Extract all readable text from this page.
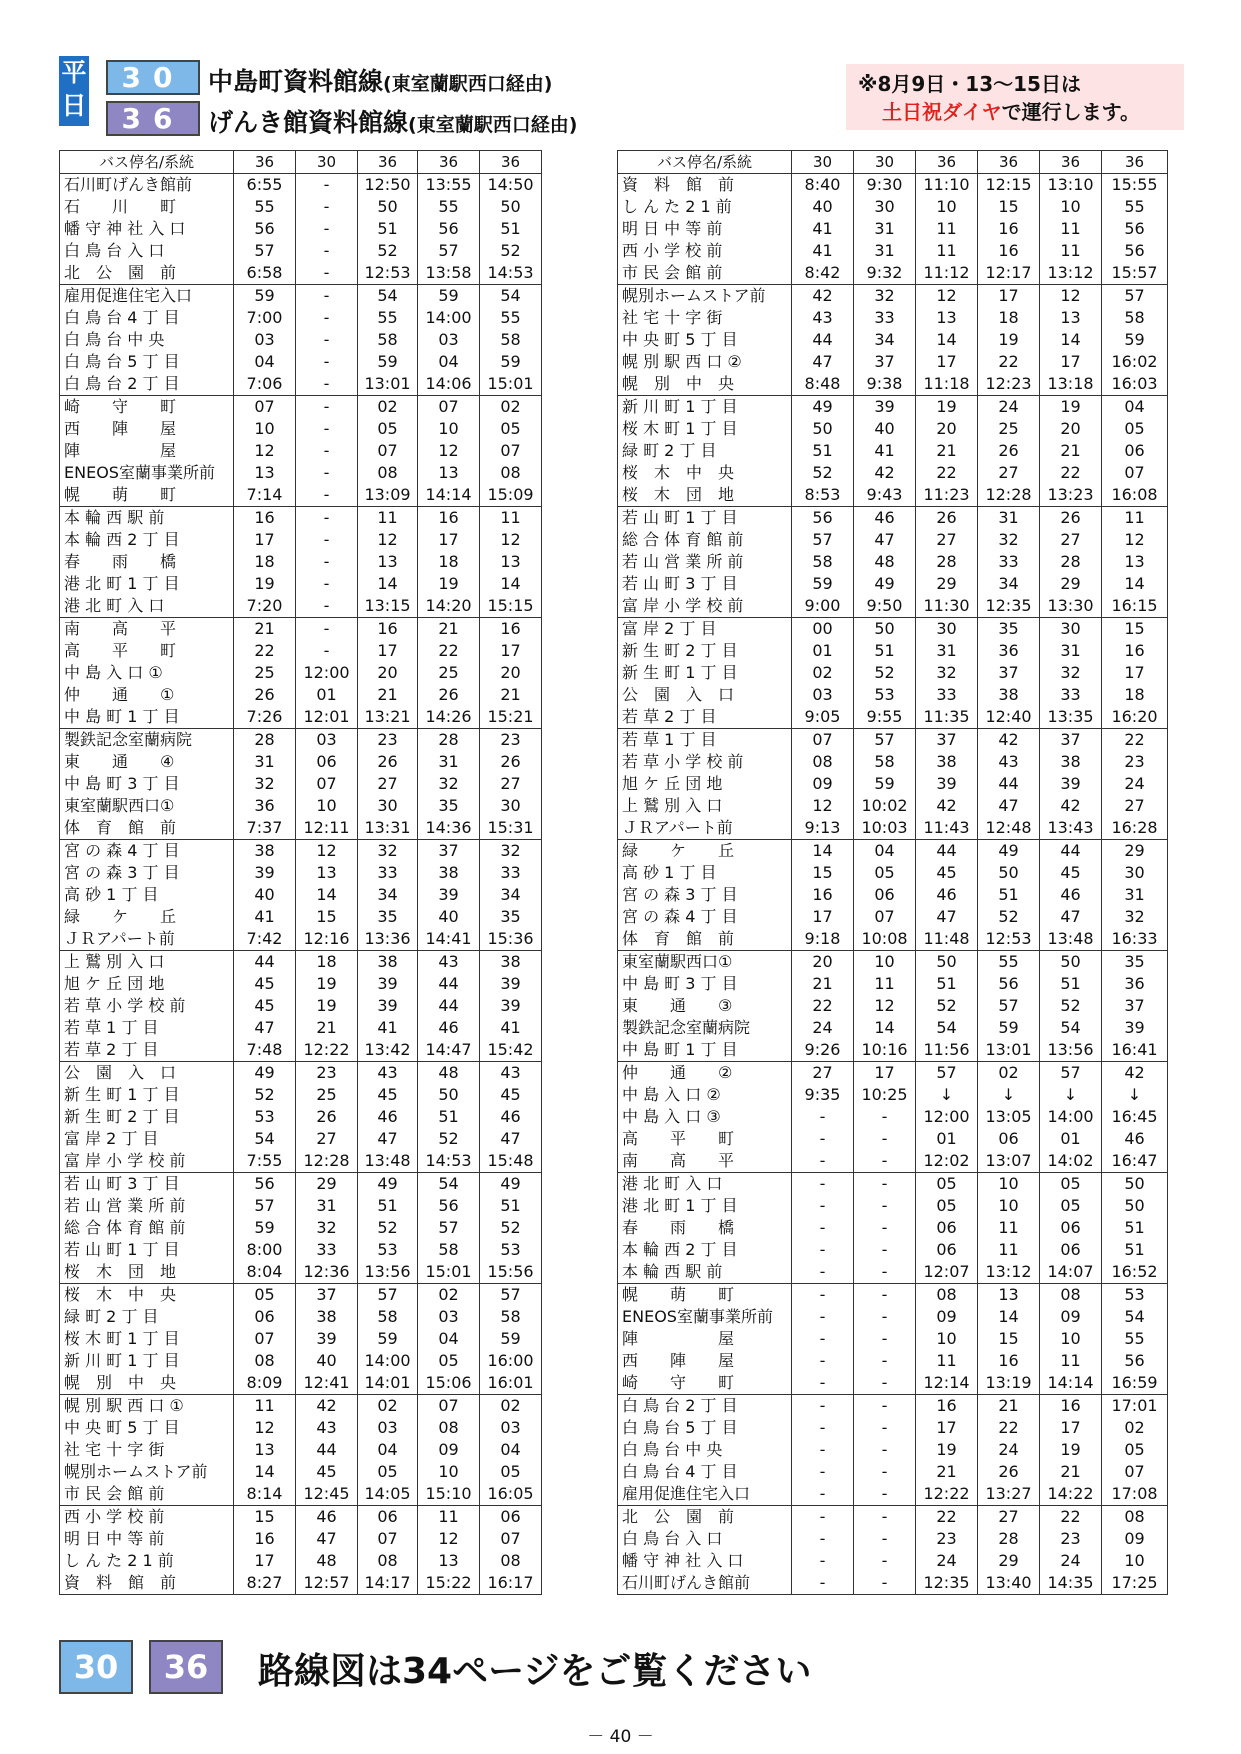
平日
30
36
中島町資料館線(東室蘭駅西口経由)
げんき館資料館線(東室蘭駅西口経由)
※8月9日・13〜15日は
土日祝ダイヤで運行します。
バス停名/系統	36	30	36	36	36
石川町げんき館前	6:55	-	12:50	13:55	14:50
石　　川　　町	55	-	50	55	50
幡 守 神 社 入 口	56	-	51	56	51
白 鳥 台 入 口	57	-	52	57	52
北　公　園　前	6:58	-	12:53	13:58	14:53
雇用促進住宅入口	59	-	54	59	54
白 鳥 台 4 丁 目	7:00	-	55	14:00	55
白 鳥 台 中 央	03	-	58	03	58
白 鳥 台 5 丁 目	04	-	59	04	59
白 鳥 台 2 丁 目	7:06	-	13:01	14:06	15:01
崎　　守　　町	07	-	02	07	02
西　　陣　　屋	10	-	05	10	05
陣　　　　　屋	12	-	07	12	07
ENEOS室蘭事業所前	13	-	08	13	08
幌　　萌　　町	7:14	-	13:09	14:14	15:09
本 輪 西 駅 前	16	-	11	16	11
本 輪 西 2 丁 目	17	-	12	17	12
春　　雨　　橋	18	-	13	18	13
港 北 町 1 丁 目	19	-	14	19	14
港 北 町 入 口	7:20	-	13:15	14:20	15:15
南　　高　　平	21	-	16	21	16
高　　平　　町	22	-	17	22	17
中 島 入 口 ①	25	12:00	20	25	20
仲　　通　　①	26	01	21	26	21
中 島 町 1 丁 目	7:26	12:01	13:21	14:26	15:21
製鉄記念室蘭病院	28	03	23	28	23
東　　通　　④	31	06	26	31	26
中 島 町 3 丁 目	32	07	27	32	27
東室蘭駅西口①	36	10	30	35	30
体　育　館　前	7:37	12:11	13:31	14:36	15:31
宮 の 森 4 丁 目	38	12	32	37	32
宮 の 森 3 丁 目	39	13	33	38	33
高 砂 1 丁 目	40	14	34	39	34
緑　　ケ　　丘	41	15	35	40	35
ＪＲアパート前	7:42	12:16	13:36	14:41	15:36
上 鷲 別 入 口	44	18	38	43	38
旭 ケ 丘 団 地	45	19	39	44	39
若 草 小 学 校 前	45	19	39	44	39
若 草 1 丁 目	47	21	41	46	41
若 草 2 丁 目	7:48	12:22	13:42	14:47	15:42
公　園　入　口	49	23	43	48	43
新 生 町 1 丁 目	52	25	45	50	45
新 生 町 2 丁 目	53	26	46	51	46
富 岸 2 丁 目	54	27	47	52	47
富 岸 小 学 校 前	7:55	12:28	13:48	14:53	15:48
若 山 町 3 丁 目	56	29	49	54	49
若 山 営 業 所 前	57	31	51	56	51
総 合 体 育 館 前	59	32	52	57	52
若 山 町 1 丁 目	8:00	33	53	58	53
桜　木　団　地	8:04	12:36	13:56	15:01	15:56
桜　木　中　央	05	37	57	02	57
緑 町 2 丁 目	06	38	58	03	58
桜 木 町 1 丁 目	07	39	59	04	59
新 川 町 1 丁 目	08	40	14:00	05	16:00
幌　別　中　央	8:09	12:41	14:01	15:06	16:01
幌 別 駅 西 口 ①	11	42	02	07	02
中 央 町 5 丁 目	12	43	03	08	03
社 宅 十 字 街	13	44	04	09	04
幌別ホームストア前	14	45	05	10	05
市 民 会 館 前	8:14	12:45	14:05	15:10	16:05
西 小 学 校 前	15	46	06	11	06
明 日 中 等 前	16	47	07	12	07
し ん た 2 1 前	17	48	08	13	08
資　料　館　前	8:27	12:57	14:17	15:22	16:17
バス停名/系統	30	30	36	36	36	36
資　料　館　前	8:40	9:30	11:10	12:15	13:10	15:55
し ん た 2 1 前	40	30	10	15	10	55
明 日 中 等 前	41	31	11	16	11	56
西 小 学 校 前	41	31	11	16	11	56
市 民 会 館 前	8:42	9:32	11:12	12:17	13:12	15:57
幌別ホームストア前	42	32	12	17	12	57
社 宅 十 字 街	43	33	13	18	13	58
中 央 町 5 丁 目	44	34	14	19	14	59
幌 別 駅 西 口 ②	47	37	17	22	17	16:02
幌　別　中　央	8:48	9:38	11:18	12:23	13:18	16:03
新 川 町 1 丁 目	49	39	19	24	19	04
桜 木 町 1 丁 目	50	40	20	25	20	05
緑 町 2 丁 目	51	41	21	26	21	06
桜　木　中　央	52	42	22	27	22	07
桜　木　団　地	8:53	9:43	11:23	12:28	13:23	16:08
若 山 町 1 丁 目	56	46	26	31	26	11
総 合 体 育 館 前	57	47	27	32	27	12
若 山 営 業 所 前	58	48	28	33	28	13
若 山 町 3 丁 目	59	49	29	34	29	14
富 岸 小 学 校 前	9:00	9:50	11:30	12:35	13:30	16:15
富 岸 2 丁 目	00	50	30	35	30	15
新 生 町 2 丁 目	01	51	31	36	31	16
新 生 町 1 丁 目	02	52	32	37	32	17
公　園　入　口	03	53	33	38	33	18
若 草 2 丁 目	9:05	9:55	11:35	12:40	13:35	16:20
若 草 1 丁 目	07	57	37	42	37	22
若 草 小 学 校 前	08	58	38	43	38	23
旭 ケ 丘 団 地	09	59	39	44	39	24
上 鷲 別 入 口	12	10:02	42	47	42	27
ＪＲアパート前	9:13	10:03	11:43	12:48	13:43	16:28
緑　　ケ　　丘	14	04	44	49	44	29
高 砂 1 丁 目	15	05	45	50	45	30
宮 の 森 3 丁 目	16	06	46	51	46	31
宮 の 森 4 丁 目	17	07	47	52	47	32
体　育　館　前	9:18	10:08	11:48	12:53	13:48	16:33
東室蘭駅西口①	20	10	50	55	50	35
中 島 町 3 丁 目	21	11	51	56	51	36
東　　通　　③	22	12	52	57	52	37
製鉄記念室蘭病院	24	14	54	59	54	39
中 島 町 1 丁 目	9:26	10:16	11:56	13:01	13:56	16:41
仲　　通　　②	27	17	57	02	57	42
中 島 入 口 ②	9:35	10:25	↓	↓	↓	↓
中 島 入 口 ③	-	-	12:00	13:05	14:00	16:45
高　　平　　町	-	-	01	06	01	46
南　　高　　平	-	-	12:02	13:07	14:02	16:47
港 北 町 入 口	-	-	05	10	05	50
港 北 町 1 丁 目	-	-	05	10	05	50
春　　雨　　橋	-	-	06	11	06	51
本 輪 西 2 丁 目	-	-	06	11	06	51
本 輪 西 駅 前	-	-	12:07	13:12	14:07	16:52
幌　　萌　　町	-	-	08	13	08	53
ENEOS室蘭事業所前	-	-	09	14	09	54
陣　　　　　屋	-	-	10	15	10	55
西　　陣　　屋	-	-	11	16	11	56
崎　　守　　町	-	-	12:14	13:19	14:14	16:59
白 鳥 台 2 丁 目	-	-	16	21	16	17:01
白 鳥 台 5 丁 目	-	-	17	22	17	02
白 鳥 台 中 央	-	-	19	24	19	05
白 鳥 台 4 丁 目	-	-	21	26	21	07
雇用促進住宅入口	-	-	12:22	13:27	14:22	17:08
北　公　園　前	-	-	22	27	22	08
白 鳥 台 入 口	-	-	23	28	23	09
幡 守 神 社 入 口	-	-	24	29	24	10
石川町げんき館前	-	-	12:35	13:40	14:35	17:25
30	36	路線図は34ページをご覧ください
－ 40 －
